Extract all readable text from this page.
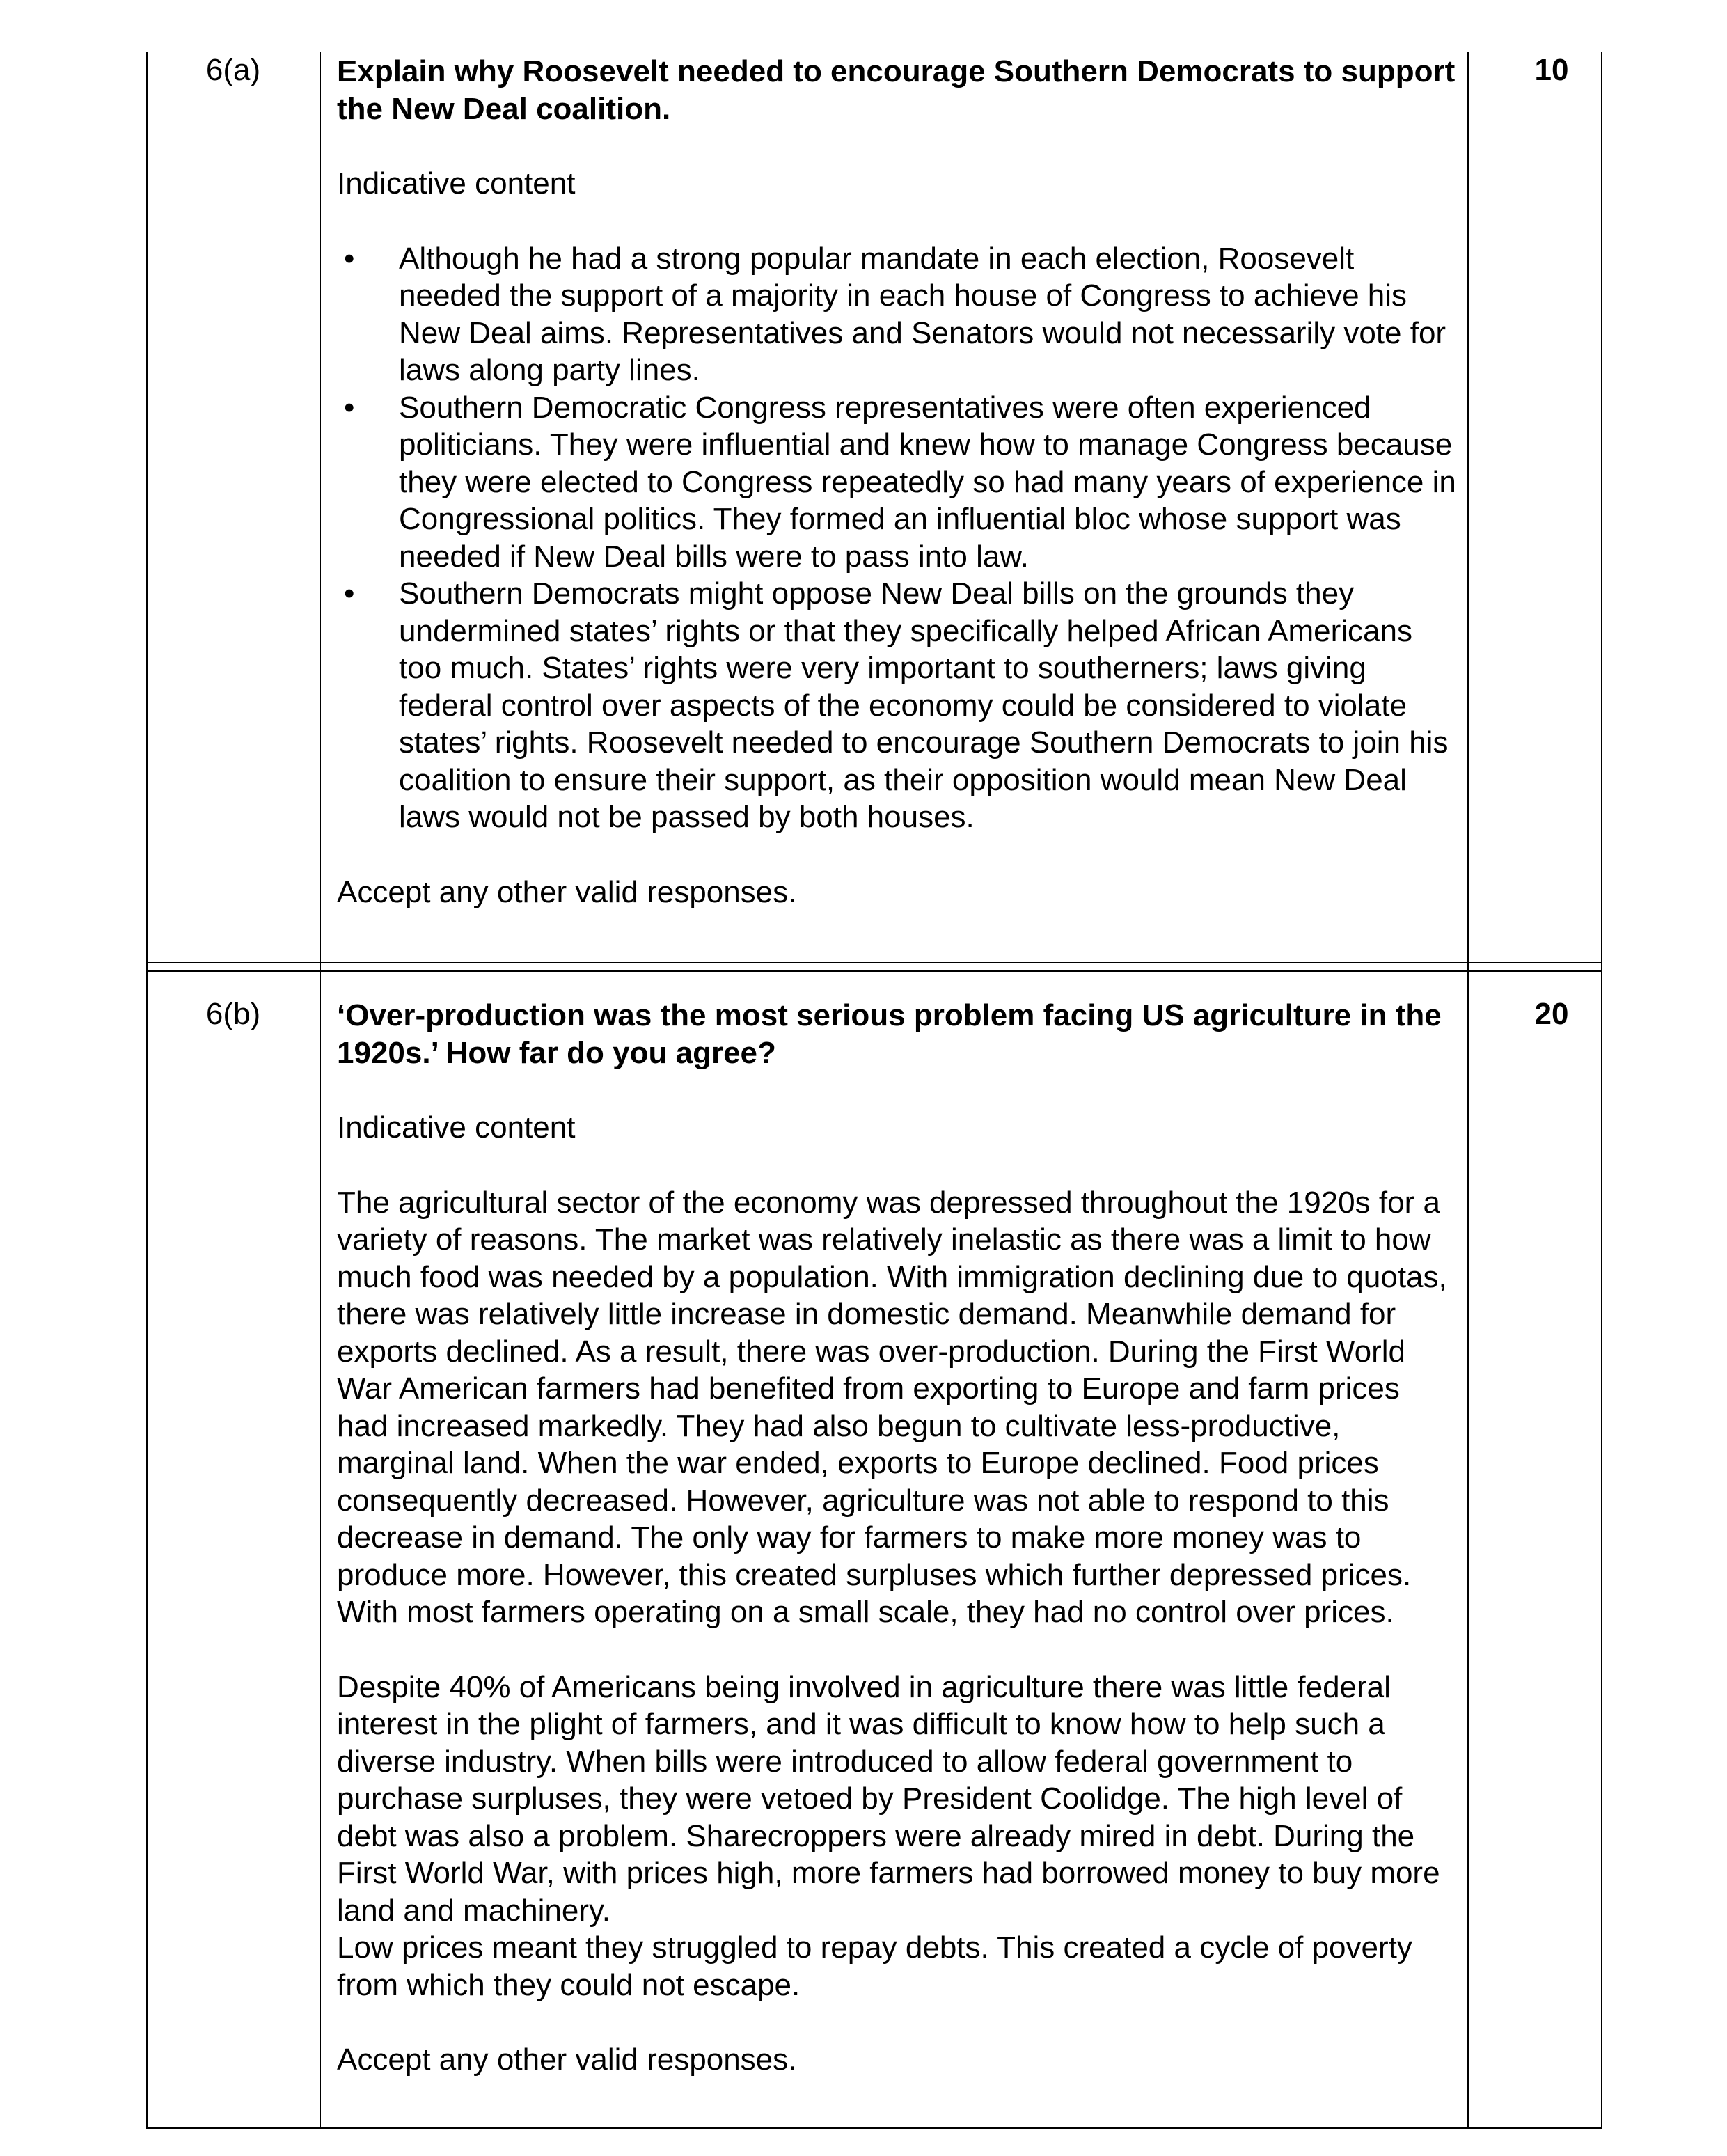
6(a)	10

Explain why Roosevelt needed to encourage Southern Democrats to support the New Deal coalition.

Indicative content

• Although he had a strong popular mandate in each election, Roosevelt needed the support of a majority in each house of Congress to achieve his New Deal aims. Representatives and Senators would not necessarily vote for laws along party lines.
• Southern Democratic Congress representatives were often experienced politicians. They were influential and knew how to manage Congress because they were elected to Congress repeatedly so had many years of experience in Congressional politics. They formed an influential bloc whose support was needed if New Deal bills were to pass into law.
• Southern Democrats might oppose New Deal bills on the grounds they undermined states’ rights or that they specifically helped African Americans too much. States’ rights were very important to southerners; laws giving federal control over aspects of the economy could be considered to violate states’ rights. Roosevelt needed to encourage Southern Democrats to join his coalition to ensure their support, as their opposition would mean New Deal laws would not be passed by both houses.

Accept any other valid responses.

6(b)	20

‘Over-production was the most serious problem facing US agriculture in the 1920s.’ How far do you agree?

Indicative content

The agricultural sector of the economy was depressed throughout the 1920s for a variety of reasons. The market was relatively inelastic as there was a limit to how much food was needed by a population. With immigration declining due to quotas, there was relatively little increase in domestic demand. Meanwhile demand for exports declined. As a result, there was over-production. During the First World War American farmers had benefited from exporting to Europe and farm prices had increased markedly. They had also begun to cultivate less-productive, marginal land. When the war ended, exports to Europe declined. Food prices consequently decreased. However, agriculture was not able to respond to this decrease in demand. The only way for farmers to make more money was to produce more. However, this created surpluses which further depressed prices. With most farmers operating on a small scale, they had no control over prices.

Despite 40% of Americans being involved in agriculture there was little federal interest in the plight of farmers, and it was difficult to know how to help such a diverse industry. When bills were introduced to allow federal government to purchase surpluses, they were vetoed by President Coolidge. The high level of debt was also a problem. Sharecroppers were already mired in debt. During the First World War, with prices high, more farmers had borrowed money to buy more land and machinery.

Low prices meant they struggled to repay debts. This created a cycle of poverty from which they could not escape.

Accept any other valid responses.
